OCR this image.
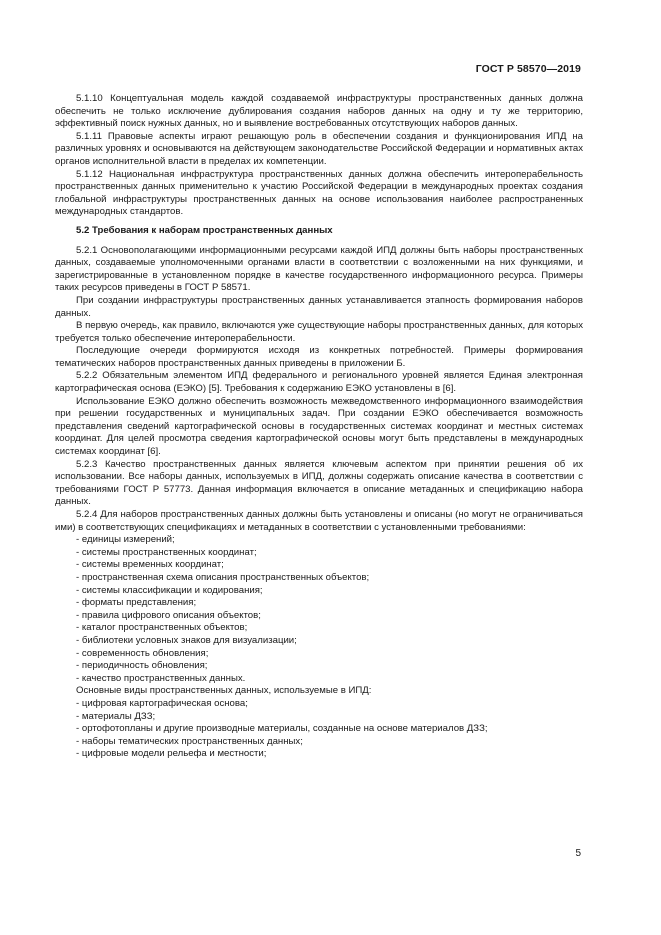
ГОСТ Р 58570—2019

5.1.10 Концептуальная модель каждой создаваемой инфраструктуры пространственных данных должна обеспечить не только исключение дублирования создания наборов данных на одну и ту же территорию, эффективный поиск нужных данных, но и выявление востребованных отсутствующих наборов данных.

5.1.11 Правовые аспекты играют решающую роль в обеспечении создания и функционирования ИПД на различных уровнях и основываются на действующем законодательстве Российской Федерации и нормативных актах органов исполнительной власти в пределах их компетенции.

5.1.12 Национальная инфраструктура пространственных данных должна обеспечить интероперабельность пространственных данных применительно к участию Российской Федерации в международных проектах создания глобальной инфраструктуры пространственных данных на основе использования наиболее распространенных международных стандартов.

5.2 Требования к наборам пространственных данных

5.2.1 Основополагающими информационными ресурсами каждой ИПД должны быть наборы пространственных данных, создаваемые уполномоченными органами власти в соответствии с возложенными на них функциями, и зарегистрированные в установленном порядке в качестве государственного информационного ресурса. Примеры таких ресурсов приведены в ГОСТ Р 58571.

При создании инфраструктуры пространственных данных устанавливается этапность формирования наборов данных.

В первую очередь, как правило, включаются уже существующие наборы пространственных данных, для которых требуется только обеспечение интероперабельности.

Последующие очереди формируются исходя из конкретных потребностей. Примеры формирования тематических наборов пространственных данных приведены в приложении Б.

5.2.2 Обязательным элементом ИПД федерального и регионального уровней является Единая электронная картографическая основа (ЕЭКО) [5]. Требования к содержанию ЕЭКО установлены в [6].

Использование ЕЭКО должно обеспечить возможность межведомственного информационного взаимодействия при решении государственных и муниципальных задач. При создании ЕЭКО обеспечивается возможность представления сведений картографической основы в государственных системах координат и местных системах координат. Для целей просмотра сведения картографической основы могут быть представлены в международных системах координат [6].

5.2.3 Качество пространственных данных является ключевым аспектом при принятии решения об их использовании. Все наборы данных, используемых в ИПД, должны содержать описание качества в соответствии с требованиями ГОСТ Р 57773. Данная информация включается в описание метаданных и спецификацию набора данных.

5.2.4 Для наборов пространственных данных должны быть установлены и описаны (но могут не ограничиваться ими) в соответствующих спецификациях и метаданных в соответствии с установленными требованиями:

- единицы измерений;
- системы пространственных координат;
- системы временных координат;
- пространственная схема описания пространственных объектов;
- системы классификации и кодирования;
- форматы представления;
- правила цифрового описания объектов;
- каталог пространственных объектов;
- библиотеки условных знаков для визуализации;
- современность обновления;
- периодичность обновления;
- качество пространственных данных.

Основные виды пространственных данных, используемые в ИПД:

- цифровая картографическая основа;
- материалы ДЗЗ;
- ортофотопланы и другие производные материалы, созданные на основе материалов ДЗЗ;
- наборы тематических пространственных данных;
- цифровые модели рельефа и местности;
5
